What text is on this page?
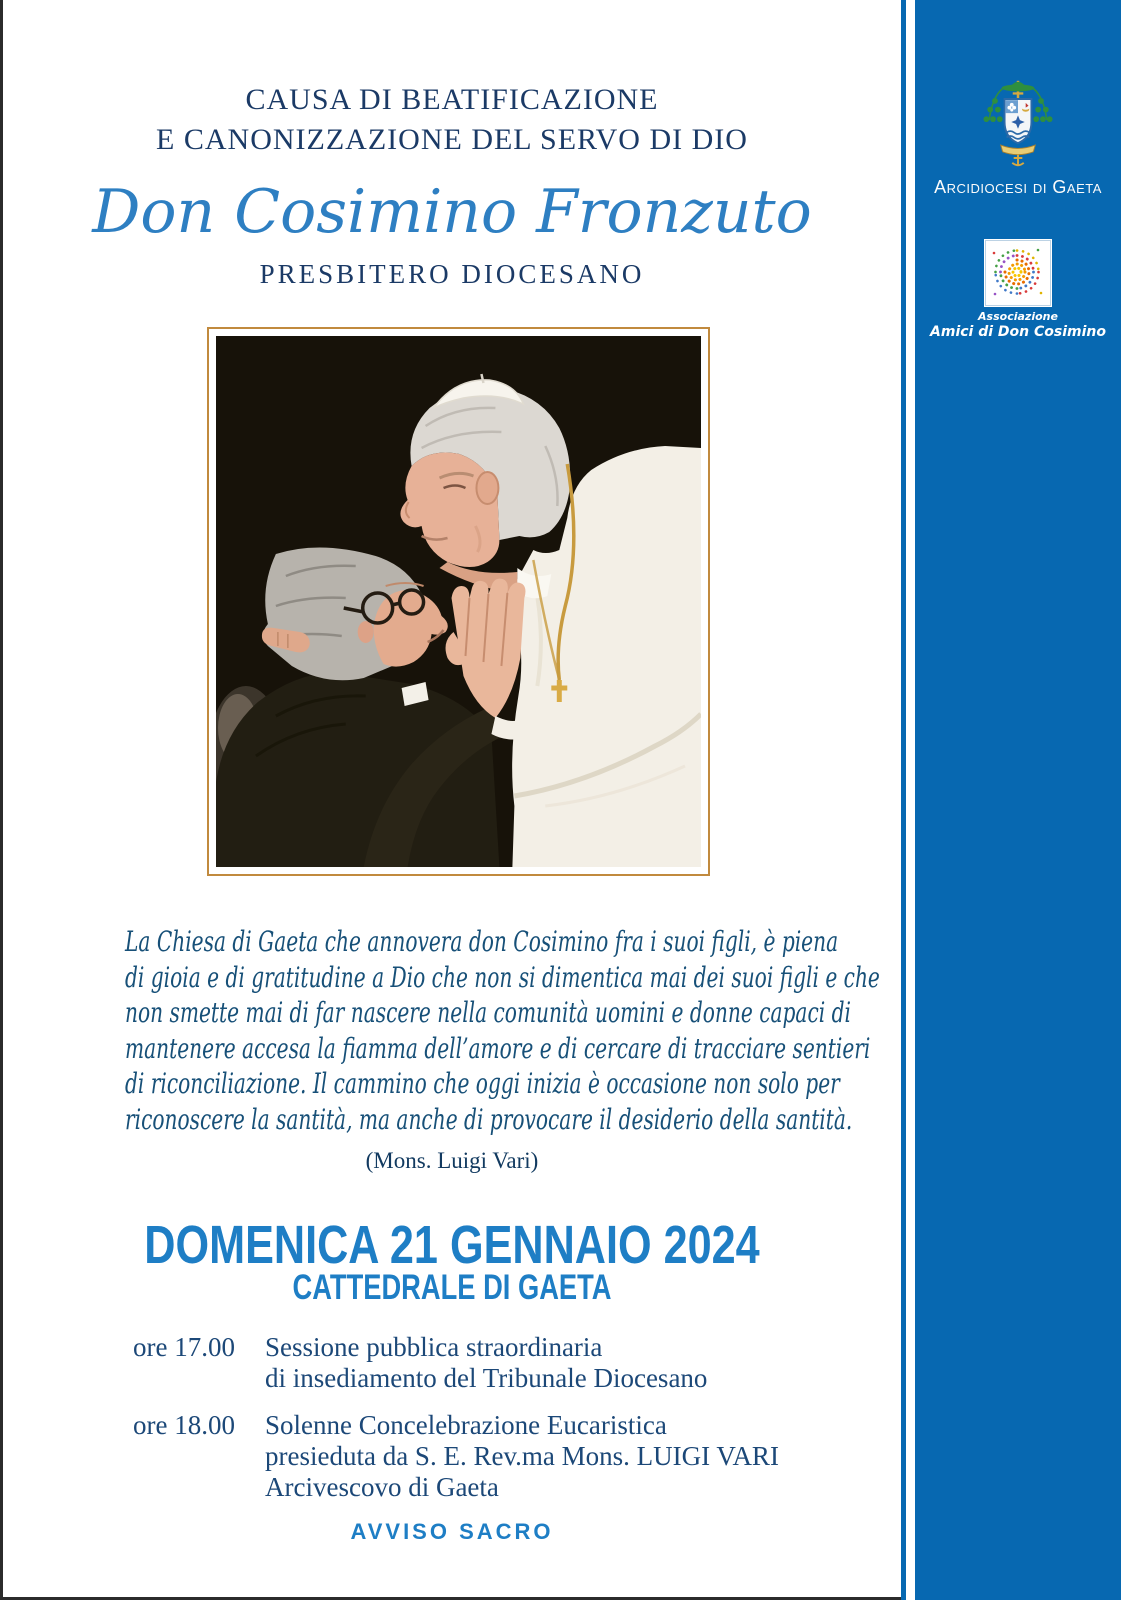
CAUSA DI BEATIFICAZIONE
E CANONIZZAZIONE DEL SERVO DI DIO
Don Cosimino Fronzuto
PRESBITERO DIOCESANO
La Chiesa di Gaeta che annovera don Cosimino fra i suoi figli, è piena
di gioia e di gratitudine a Dio che non si dimentica mai dei suoi figli e che
non smette mai di far nascere nella comunità uomini e donne capaci di
mantenere accesa la fiamma dell’amore e di cercare di tracciare sentieri
di riconciliazione. Il cammino che oggi inizia è occasione non solo per
riconoscere la santità, ma anche di provocare il desiderio della santità.
(Mons. Luigi Vari)
DOMENICA 21 GENNAIO 2024
CATTEDRALE DI GAETA
ore 17.00 Sessione pubblica straordinaria
di insediamento del Tribunale Diocesano
ore 18.00 Solenne Concelebrazione Eucaristica
presieduta da S. E. Rev.ma Mons. LUIGI VARI
Arcivescovo di Gaeta
AVVISO SACRO
Arcidiocesi di Gaeta
Associazione
Amici di Don Cosimino
